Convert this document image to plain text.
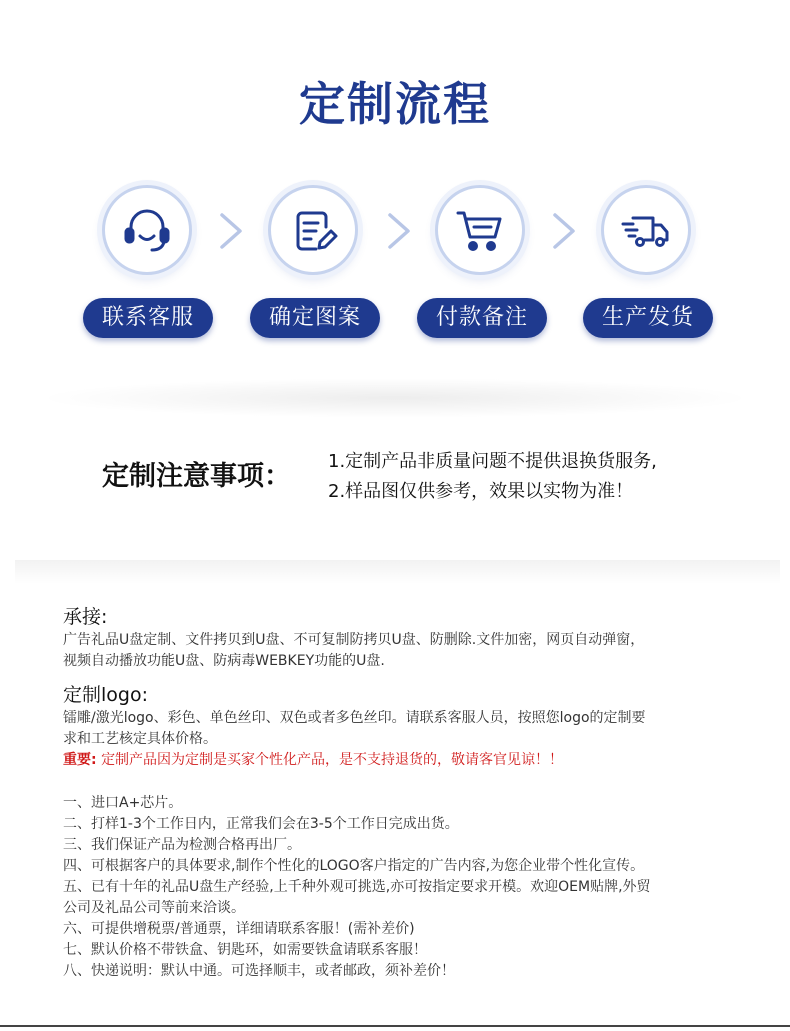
定制流程
联系客服	确定图案	付款备注	生产发货
定制注意事项： 1.定制产品非质量问题不提供退换货服务,
2.样品图仅供参考，效果以实物为准！
承接:

广告礼品U盘定制、文件拷贝到U盘、不可复制防拷贝U盘、防删除.文件加密，网页自动弹窗，

视频自动播放功能U盘、防病毒WEBKEY功能的U盘.

定制logo:

镭雕/激光logo、彩色、单色丝印、双色或者多色丝印。请联系客服人员，按照您logo的定制要

求和工艺核定具体价格。

重要: 定制产品因为定制是买家个性化产品，是不支持退货的，敬请客官见谅！！

一、进口A+芯片。

二、打样1-3个工作日内，正常我们会在3-5个工作日完成出货。

三、我们保证产品为检测合格再出厂。

四、可根据客户的具体要求,制作个性化的LOGO客户指定的广告内容,为您企业带个性化宣传。

五、已有十年的礼品U盘生产经验,上千种外观可挑选,亦可按指定要求开模。欢迎OEM贴牌,外贸

公司及礼品公司等前来洽谈。

六、可提供增税票/普通票，详细请联系客服！(需补差价)

七、默认价格不带铁盒、钥匙环，如需要铁盒请联系客服！

八、快递说明：默认中通。可选择顺丰，或者邮政，须补差价！
